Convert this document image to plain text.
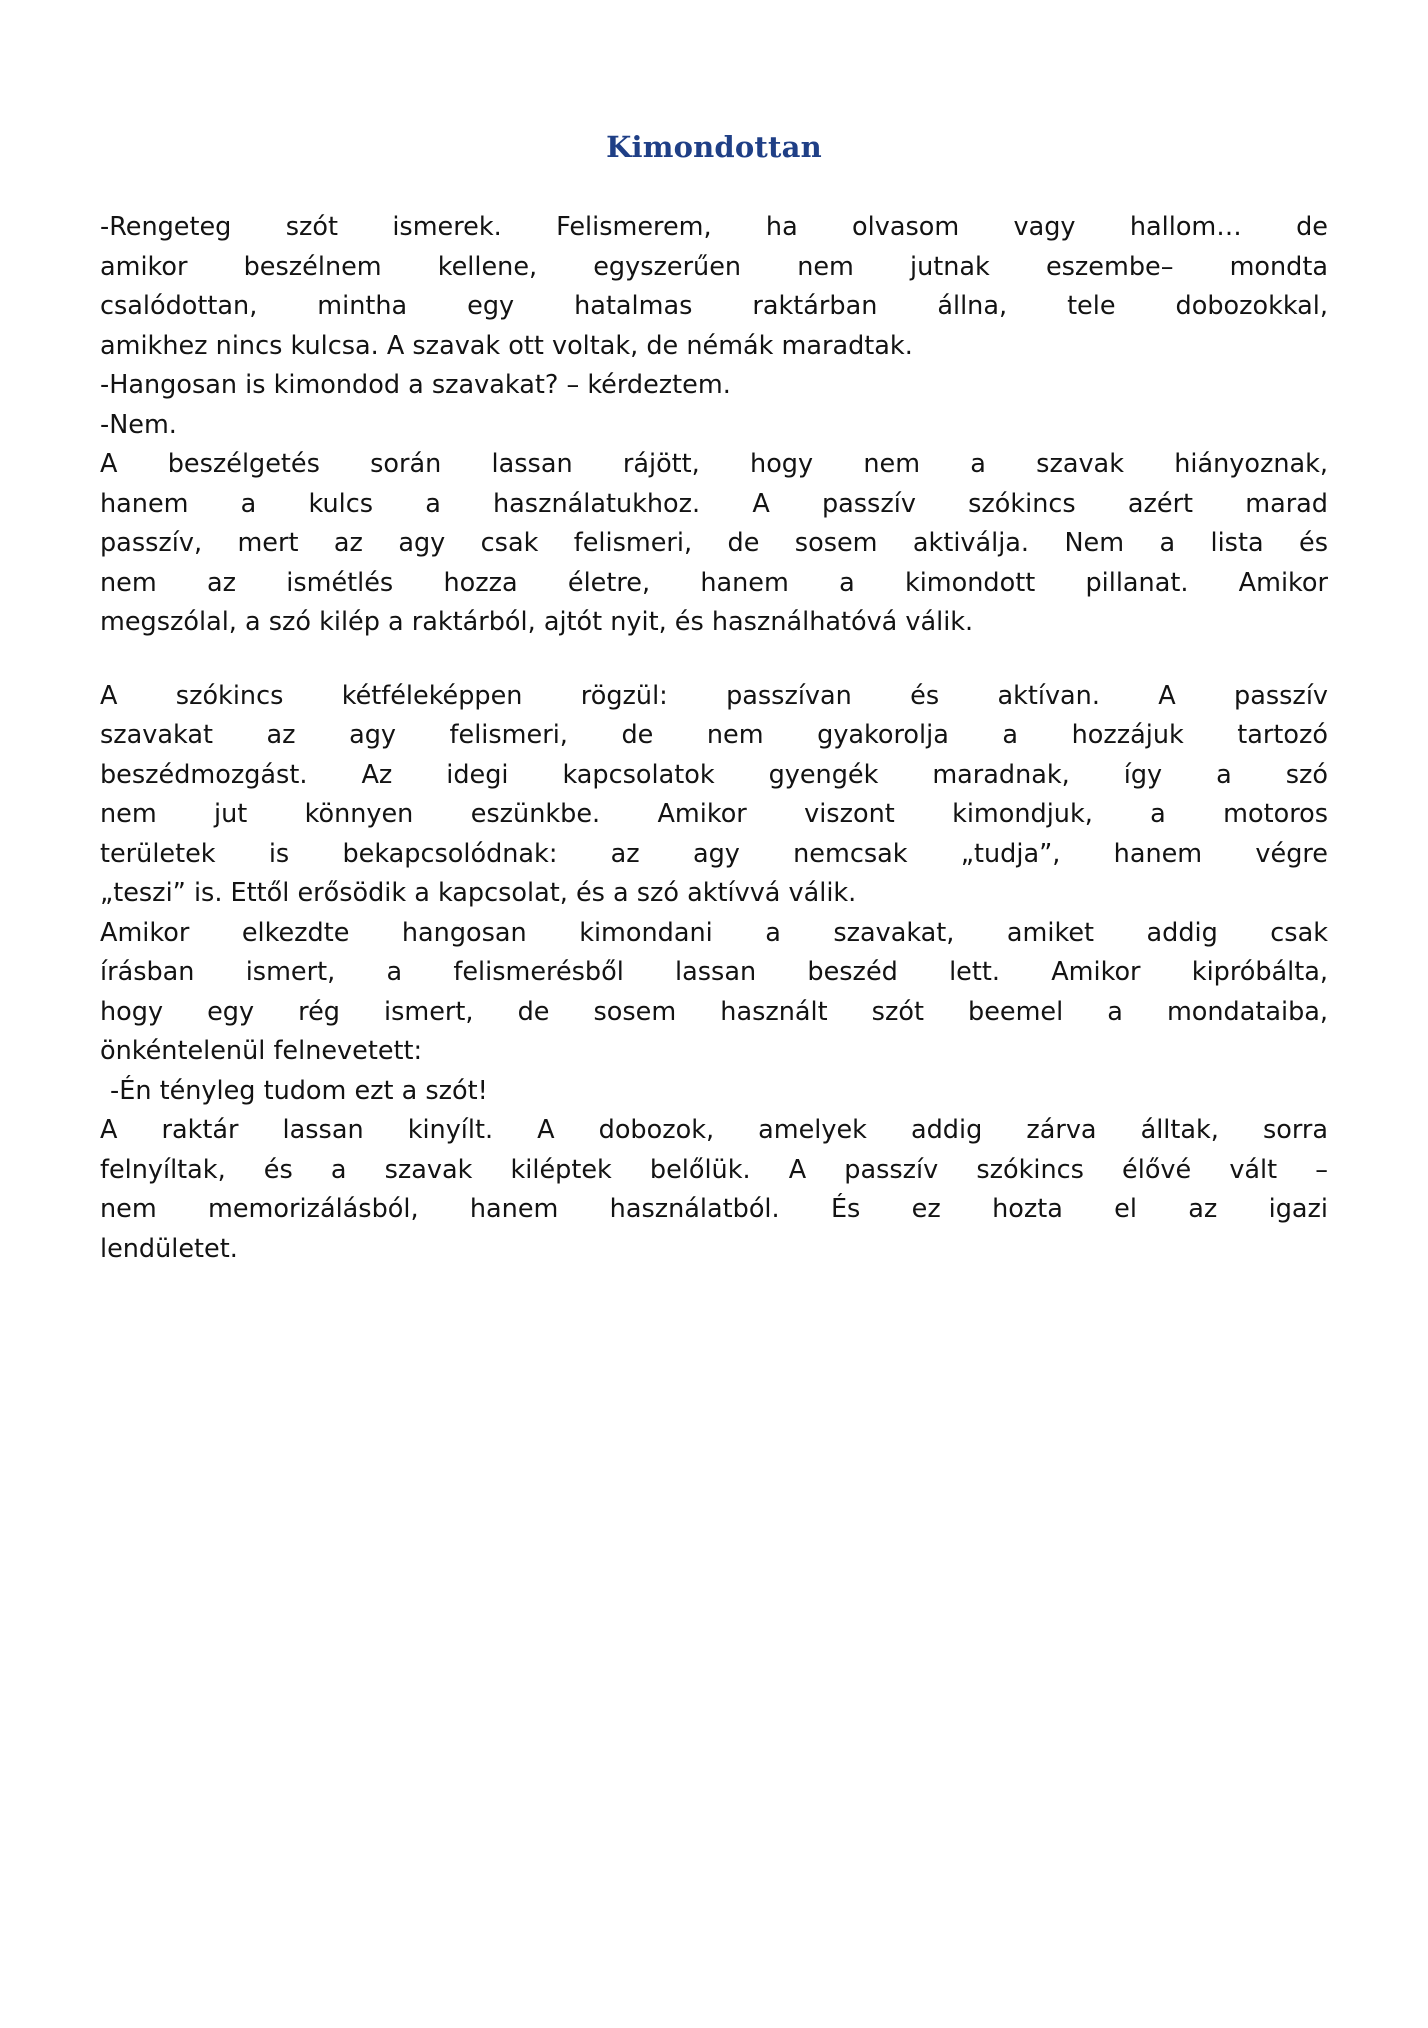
Kimondottan
-Rengeteg szót ismerek. Felismerem, ha olvasom vagy hallom… de
amikor beszélnem kellene, egyszerűen nem jutnak eszembe– mondta
csalódottan, mintha egy hatalmas raktárban állna, tele dobozokkal,
amikhez nincs kulcsa. A szavak ott voltak, de némák maradtak.
-Hangosan is kimondod a szavakat? – kérdeztem.
-Nem.
A beszélgetés során lassan rájött, hogy nem a szavak hiányoznak,
hanem a kulcs a használatukhoz. A passzív szókincs azért marad
passzív, mert az agy csak felismeri, de sosem aktiválja. Nem a lista és
nem az ismétlés hozza életre, hanem a kimondott pillanat. Amikor
megszólal, a szó kilép a raktárból, ajtót nyit, és használhatóvá válik.
A szókincs kétféleképpen rögzül: passzívan és aktívan. A passzív
szavakat az agy felismeri, de nem gyakorolja a hozzájuk tartozó
beszédmozgást. Az idegi kapcsolatok gyengék maradnak, így a szó
nem jut könnyen eszünkbe. Amikor viszont kimondjuk, a motoros
területek is bekapcsolódnak: az agy nemcsak „tudja”, hanem végre
„teszi” is. Ettől erősödik a kapcsolat, és a szó aktívvá válik.
Amikor elkezdte hangosan kimondani a szavakat, amiket addig csak
írásban ismert, a felismerésből lassan beszéd lett. Amikor kipróbálta,
hogy egy rég ismert, de sosem használt szót beemel a mondataiba,
önkéntelenül felnevetett:
-Én tényleg tudom ezt a szót!
A raktár lassan kinyílt. A dobozok, amelyek addig zárva álltak, sorra
felnyíltak, és a szavak kiléptek belőlük. A passzív szókincs élővé vált –
nem memorizálásból, hanem használatból. És ez hozta el az igazi
lendületet.
